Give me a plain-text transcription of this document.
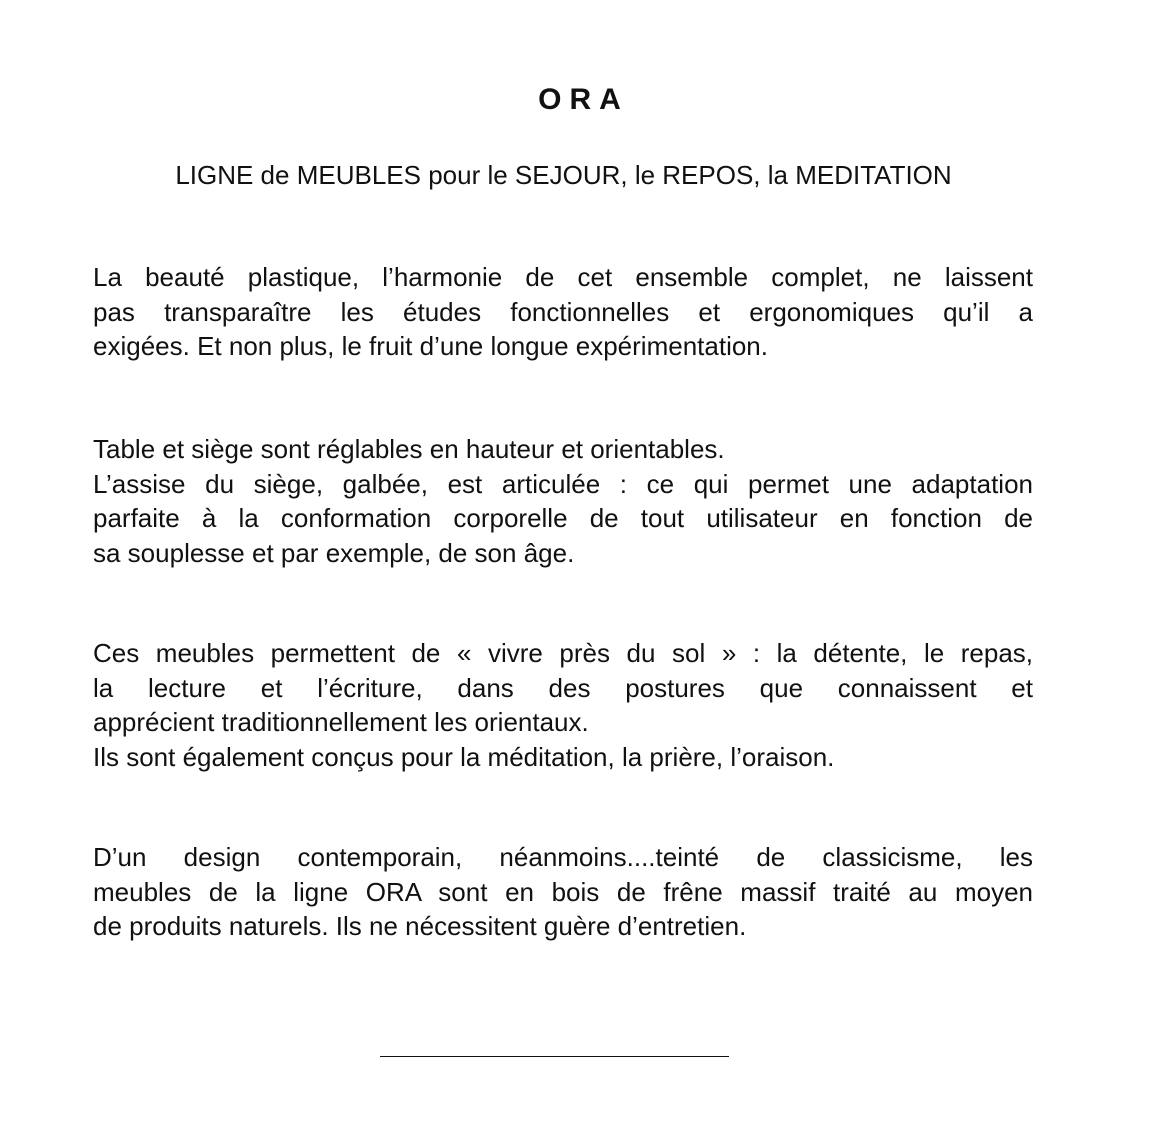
ORA
LIGNE de MEUBLES pour le SEJOUR, le REPOS, la MEDITATION
La beauté plastique, l’harmonie de cet ensemble complet, ne laissent
pas transparaître les études fonctionnelles et ergonomiques qu’il a
exigées. Et non plus, le fruit d’une longue expérimentation.
Table et siège sont réglables en hauteur et orientables.
L’assise du siège, galbée, est articulée : ce qui permet une adaptation
parfaite à la conformation corporelle de tout utilisateur en fonction de
sa souplesse et par exemple, de son âge.
Ces meubles permettent de « vivre près du sol » : la détente, le repas,
la lecture et l’écriture, dans des postures que connaissent et
apprécient traditionnellement les orientaux.
Ils sont également conçus pour la méditation, la prière, l’oraison.
D’un design contemporain, néanmoins....teinté de classicisme, les
meubles de la ligne ORA sont en bois de frêne massif traité au moyen
de produits naturels. Ils ne nécessitent guère d’entretien.
